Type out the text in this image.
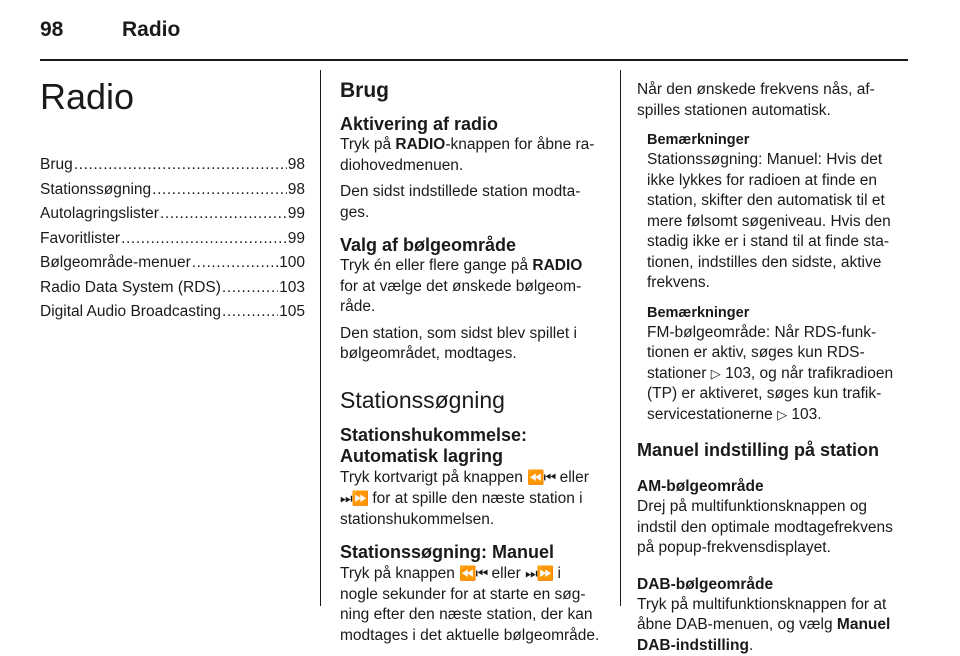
98	Radio
Radio
Brug .....	98
Stationssøgning .....	98
Autolagringslister .....	99
Favoritlister .....	99
Bølgeområde-menuer .....	100
Radio Data System (RDS) .....	103
Digital Audio Broadcasting .....	105
Brug
Aktivering af radio

Tryk på RADIO-knappen for åbne ra-
diohovedmenuen.

Den sidst indstillede station modta-
ges.

Valg af bølgeområde

Tryk én eller flere gange på RADIO
for at vælge det ønskede bølgeom-
råde.

Den station, som sidst blev spillet i
bølgeområdet, modtages.

Stationssøgning
Stationshukommelse:
Automatisk lagring

Tryk kortvarigt på knappen ⏪⏮ eller
⏭⏩ for at spille den næste station i
stationshukommelsen.

Stationssøgning: Manuel

Tryk på knappen ⏪⏮ eller ⏭⏩ i
nogle sekunder for at starte en søg-
ning efter den næste station, der kan
modtages i det aktuelle bølgeområde.

Når den ønskede frekvens nås, af-
spilles stationen automatisk.

Bemærkninger

Stationssøgning: Manuel: Hvis det
ikke lykkes for radioen at finde en
station, skifter den automatisk til et
mere følsomt søgeniveau. Hvis den
stadig ikke er i stand til at finde sta-
tionen, indstilles den sidste, aktive
frekvens.

Bemærkninger

FM-bølgeområde: Når RDS-funk-
tionen er aktiv, søges kun RDS-
stationer ▷ 103, og når trafikradioen
(TP) er aktiveret, søges kun trafik-
servicestationerne ▷ 103.

Manuel indstilling på station
AM-bølgeområde

Drej på multifunktionsknappen og
indstil den optimale modtagefrekvens
på popup-frekvensdisplayet.

DAB-bølgeområde

Tryk på multifunktionsknappen for at
åbne DAB-menuen, og vælg Manuel
DAB-indstilling.
